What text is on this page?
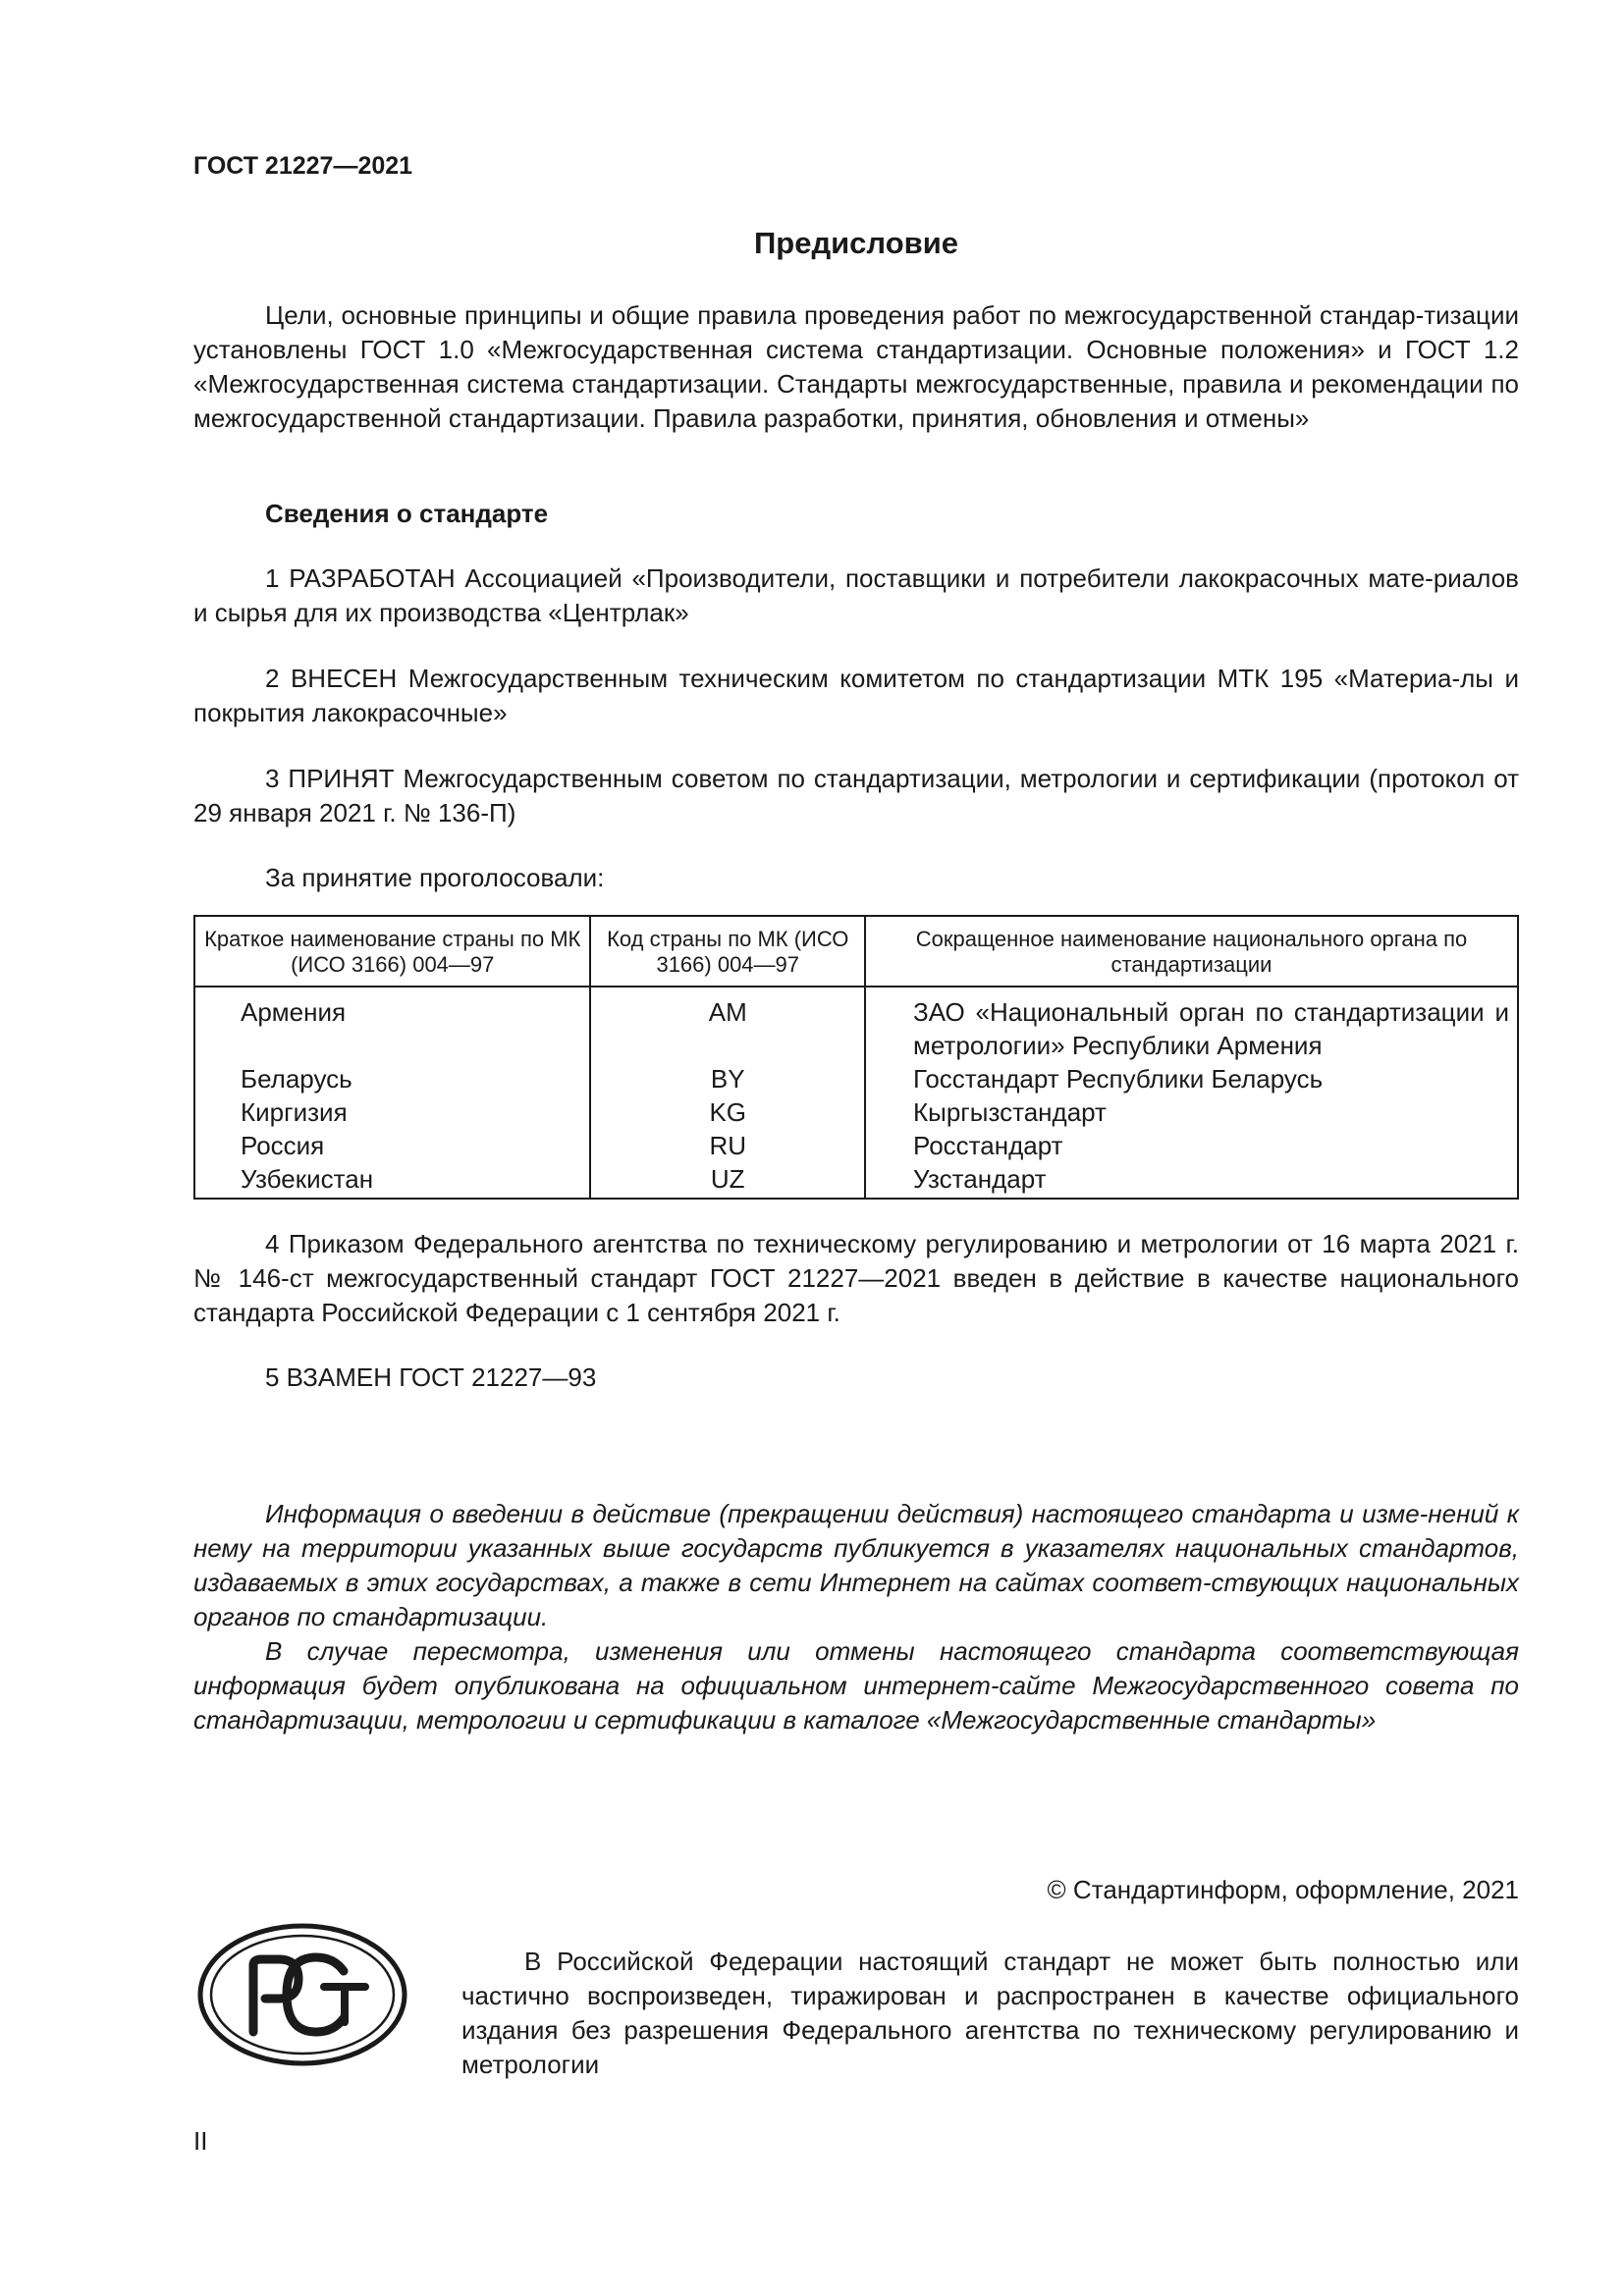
ГОСТ 21227—2021
Предисловие

Цели, основные принципы и общие правила проведения работ по межгосударственной стандар-тизации установлены ГОСТ 1.0 «Межгосударственная система стандартизации. Основные положения» и ГОСТ 1.2 «Межгосударственная система стандартизации. Стандарты межгосударственные, правила и рекомендации по межгосударственной стандартизации. Правила разработки, принятия, обновления и отмены»

Сведения о стандарте

1 РАЗРАБОТАН Ассоциацией «Производители, поставщики и потребители лакокрасочных мате-риалов и сырья для их производства «Центрлак»

2 ВНЕСЕН Межгосударственным техническим комитетом по стандартизации МТК 195 «Материа-лы и покрытия лакокрасочные»

3 ПРИНЯТ Межгосударственным советом по стандартизации, метрологии и сертификации (протокол от 29 января 2021 г. № 136-П)

За принятие проголосовали:

Краткое наименование страны по МК (ИСО 3166) 004—97	Код страны по МК (ИСО 3166) 004—97	Сокращенное наименование национального органа по стандартизации
Армения	AM	ЗАО «Национальный орган по стандартизации и метрологии» Республики Армения
Беларусь	BY	Госстандарт Республики Беларусь
Киргизия	KG	Кыргызстандарт
Россия	RU	Росстандарт
Узбекистан	UZ	Узстандарт

4 Приказом Федерального агентства по техническому регулированию и метрологии от 16 марта 2021 г. № 146-ст межгосударственный стандарт ГОСТ 21227—2021 введен в действие в качестве национального стандарта Российской Федерации с 1 сентября 2021 г.

5 ВЗАМЕН ГОСТ 21227—93

Информация о введении в действие (прекращении действия) настоящего стандарта и изме-нений к нему на территории указанных выше государств публикуется в указателях национальных стандартов, издаваемых в этих государствах, а также в сети Интернет на сайтах соответ-ствующих национальных органов по стандартизации.

В случае пересмотра, изменения или отмены настоящего стандарта соответствующая информация будет опубликована на официальном интернет-сайте Межгосударственного совета по стандартизации, метрологии и сертификации в каталоге «Межгосударственные стандарты»

© Стандартинформ, оформление, 2021

В Российской Федерации настоящий стандарт не может быть полностью или частично воспроизведен, тиражирован и распространен в качестве официального издания без разрешения Федерального агентства по техническому регулированию и метрологии

II
